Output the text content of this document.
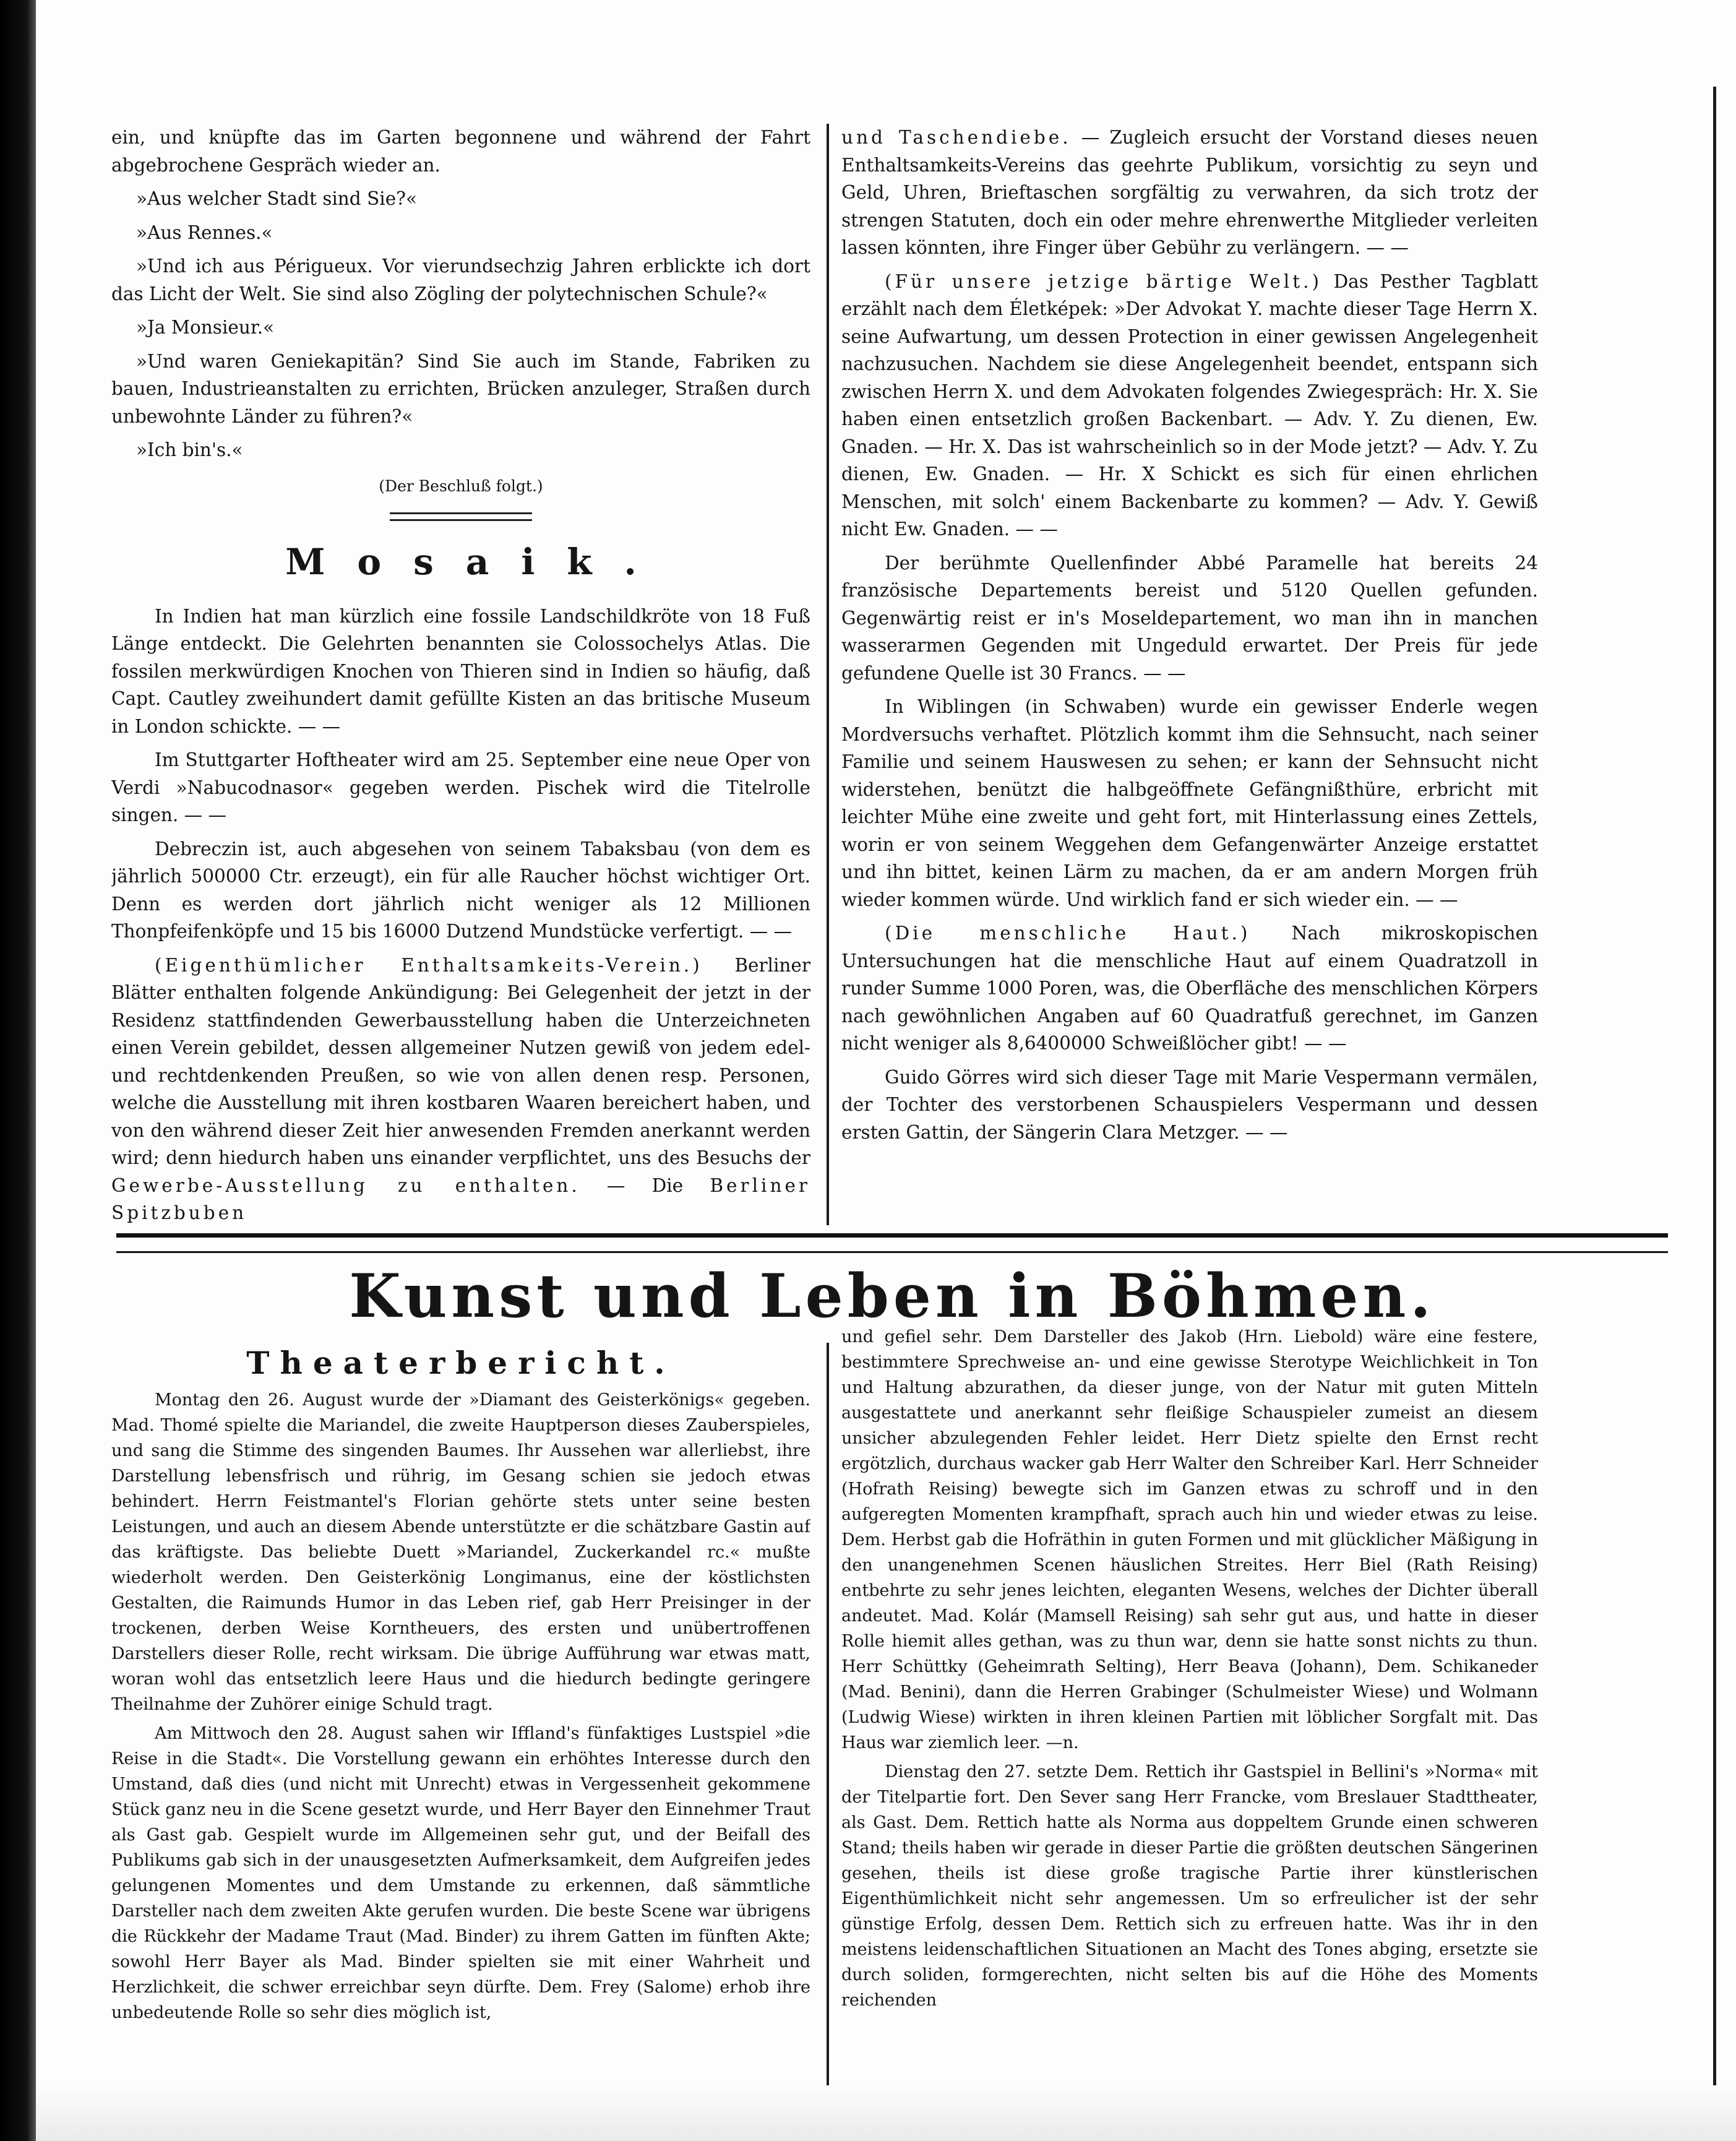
ein, und knüpfte das im Garten begonnene und während der Fahrt abgebrochene Gespräch wieder an.

»Aus welcher Stadt sind Sie?«

»Aus Rennes.«

»Und ich aus Périgueux. Vor vierundsechzig Jahren erblickte ich dort das Licht der Welt. Sie sind also Zögling der polytechnischen Schule?«

»Ja Monsieur.«

»Und waren Geniekapitän? Sind Sie auch im Stande, Fabriken zu bauen, Industrieanstalten zu errichten, Brücken anzuleger, Straßen durch unbewohnte Länder zu führen?«

»Ich bin's.«

(Der Beschluß folgt.)
Mosaik.

In Indien hat man kürzlich eine fossile Landschildkröte von 18 Fuß Länge entdeckt. Die Gelehrten benannten sie Colossochelys Atlas. Die fossilen merkwürdigen Knochen von Thieren sind in Indien so häufig, daß Capt. Cautley zweihundert damit gefüllte Kisten an das britische Museum in London schickte. — —

Im Stuttgarter Hoftheater wird am 25. September eine neue Oper von Verdi »Nabucodnasor« gegeben werden. Pischek wird die Titelrolle singen. — —

Debreczin ist, auch abgesehen von seinem Tabaksbau (von dem es jährlich 500000 Ctr. erzeugt), ein für alle Raucher höchst wichtiger Ort. Denn es werden dort jährlich nicht weniger als 12 Millionen Thonpfeifenköpfe und 15 bis 16000 Dutzend Mundstücke verfertigt. — —

(Eigenthümlicher Enthaltsamkeits-Verein.) Berliner Blätter enthalten folgende Ankündigung: Bei Gelegenheit der jetzt in der Residenz stattfindenden Gewerbausstellung haben die Unterzeichneten einen Verein gebildet, dessen allgemeiner Nutzen gewiß von jedem edel- und rechtdenkenden Preußen, so wie von allen denen resp. Personen, welche die Ausstellung mit ihren kostbaren Waaren bereichert haben, und von den während dieser Zeit hier anwesenden Fremden anerkannt werden wird; denn hiedurch haben uns einander verpflichtet, uns des Besuchs der Gewerbe-Ausstellung zu enthalten. — Die Berliner Spitzbuben

und Taschendiebe. — Zugleich ersucht der Vorstand dieses neuen Enthaltsamkeits-Vereins das geehrte Publikum, vorsichtig zu seyn und Geld, Uhren, Brieftaschen sorgfältig zu verwahren, da sich trotz der strengen Statuten, doch ein oder mehre ehrenwerthe Mitglieder verleiten lassen könnten, ihre Finger über Gebühr zu verlängern. — —

(Für unsere jetzige bärtige Welt.) Das Pesther Tagblatt erzählt nach dem Életképek: »Der Advokat Y. machte dieser Tage Herrn X. seine Aufwartung, um dessen Protection in einer gewissen Angelegenheit nachzusuchen. Nachdem sie diese Angelegenheit beendet, entspann sich zwischen Herrn X. und dem Advokaten folgendes Zwiegespräch: Hr. X. Sie haben einen entsetzlich großen Backenbart. — Adv. Y. Zu dienen, Ew. Gnaden. — Hr. X. Das ist wahrscheinlich so in der Mode jetzt? — Adv. Y. Zu dienen, Ew. Gnaden. — Hr. X Schickt es sich für einen ehrlichen Menschen, mit solch' einem Backenbarte zu kommen? — Adv. Y. Gewiß nicht Ew. Gnaden. — —

Der berühmte Quellenfinder Abbé Paramelle hat bereits 24 französische Departements bereist und 5120 Quellen gefunden. Gegenwärtig reist er in's Moseldepartement, wo man ihn in manchen wasserarmen Gegenden mit Ungeduld erwartet. Der Preis für jede gefundene Quelle ist 30 Francs. — —

In Wiblingen (in Schwaben) wurde ein gewisser Enderle wegen Mordversuchs verhaftet. Plötzlich kommt ihm die Sehnsucht, nach seiner Familie und seinem Hauswesen zu sehen; er kann der Sehnsucht nicht widerstehen, benützt die halbgeöffnete Gefängnißthüre, erbricht mit leichter Mühe eine zweite und geht fort, mit Hinterlassung eines Zettels, worin er von seinem Weggehen dem Gefangenwärter Anzeige erstattet und ihn bittet, keinen Lärm zu machen, da er am andern Morgen früh wieder kommen würde. Und wirklich fand er sich wieder ein. — —

(Die menschliche Haut.) Nach mikroskopischen Untersuchungen hat die menschliche Haut auf einem Quadratzoll in runder Summe 1000 Poren, was, die Oberfläche des menschlichen Körpers nach gewöhnlichen Angaben auf 60 Quadratfuß gerechnet, im Ganzen nicht weniger als 8,6400000 Schweißlöcher gibt! — —

Guido Görres wird sich dieser Tage mit Marie Vespermann vermälen, der Tochter des verstorbenen Schauspielers Vespermann und dessen ersten Gattin, der Sängerin Clara Metzger. — —

Kunst und Leben in Böhmen.
Theaterbericht.

Montag den 26. August wurde der »Diamant des Geisterkönigs« gegeben. Mad. Thomé spielte die Mariandel, die zweite Hauptperson dieses Zauberspieles, und sang die Stimme des singenden Baumes. Ihr Aussehen war allerliebst, ihre Darstellung lebensfrisch und rührig, im Gesang schien sie jedoch etwas behindert. Herrn Feistmantel's Florian gehörte stets unter seine besten Leistungen, und auch an diesem Abende unterstützte er die schätzbare Gastin auf das kräftigste. Das beliebte Duett »Mariandel, Zuckerkandel rc.« mußte wiederholt werden. Den Geisterkönig Longimanus, eine der köstlichsten Gestalten, die Raimunds Humor in das Leben rief, gab Herr Preisinger in der trockenen, derben Weise Korntheuers, des ersten und unübertroffenen Darstellers dieser Rolle, recht wirksam. Die übrige Aufführung war etwas matt, woran wohl das entsetzlich leere Haus und die hiedurch bedingte geringere Theilnahme der Zuhörer einige Schuld tragt.

Am Mittwoch den 28. August sahen wir Iffland's fünfaktiges Lustspiel »die Reise in die Stadt«. Die Vorstellung gewann ein erhöhtes Interesse durch den Umstand, daß dies (und nicht mit Unrecht) etwas in Vergessenheit gekommene Stück ganz neu in die Scene gesetzt wurde, und Herr Bayer den Einnehmer Traut als Gast gab. Gespielt wurde im Allgemeinen sehr gut, und der Beifall des Publikums gab sich in der unausgesetzten Aufmerksamkeit, dem Aufgreifen jedes gelungenen Momentes und dem Umstande zu erkennen, daß sämmtliche Darsteller nach dem zweiten Akte gerufen wurden. Die beste Scene war übrigens die Rückkehr der Madame Traut (Mad. Binder) zu ihrem Gatten im fünften Akte; sowohl Herr Bayer als Mad. Binder spielten sie mit einer Wahrheit und Herzlichkeit, die schwer erreichbar seyn dürfte. Dem. Frey (Salome) erhob ihre unbedeutende Rolle so sehr dies möglich ist,

und gefiel sehr. Dem Darsteller des Jakob (Hrn. Liebold) wäre eine festere, bestimmtere Sprechweise an- und eine gewisse Sterotype Weichlichkeit in Ton und Haltung abzurathen, da dieser junge, von der Natur mit guten Mitteln ausgestattete und anerkannt sehr fleißige Schauspieler zumeist an diesem unsicher abzulegenden Fehler leidet. Herr Dietz spielte den Ernst recht ergötzlich, durchaus wacker gab Herr Walter den Schreiber Karl. Herr Schneider (Hofrath Reising) bewegte sich im Ganzen etwas zu schroff und in den aufgeregten Momenten krampfhaft, sprach auch hin und wieder etwas zu leise. Dem. Herbst gab die Hofräthin in guten Formen und mit glücklicher Mäßigung in den unangenehmen Scenen häuslichen Streites. Herr Biel (Rath Reising) entbehrte zu sehr jenes leichten, eleganten Wesens, welches der Dichter überall andeutet. Mad. Kolár (Mamsell Reising) sah sehr gut aus, und hatte in dieser Rolle hiemit alles gethan, was zu thun war, denn sie hatte sonst nichts zu thun. Herr Schüttky (Geheimrath Selting), Herr Beava (Johann), Dem. Schikaneder (Mad. Benini), dann die Herren Grabinger (Schulmeister Wiese) und Wolmann (Ludwig Wiese) wirkten in ihren kleinen Partien mit löblicher Sorgfalt mit. Das Haus war ziemlich leer. —n.

Dienstag den 27. setzte Dem. Rettich ihr Gastspiel in Bellini's »Norma« mit der Titelpartie fort. Den Sever sang Herr Francke, vom Breslauer Stadttheater, als Gast. Dem. Rettich hatte als Norma aus doppeltem Grunde einen schweren Stand; theils haben wir gerade in dieser Partie die größten deutschen Sängerinen gesehen, theils ist diese große tragische Partie ihrer künstlerischen Eigenthümlichkeit nicht sehr angemessen. Um so erfreulicher ist der sehr günstige Erfolg, dessen Dem. Rettich sich zu erfreuen hatte. Was ihr in den meistens leidenschaftlichen Situationen an Macht des Tones abging, ersetzte sie durch soliden, formgerechten, nicht selten bis auf die Höhe des Moments reichenden
